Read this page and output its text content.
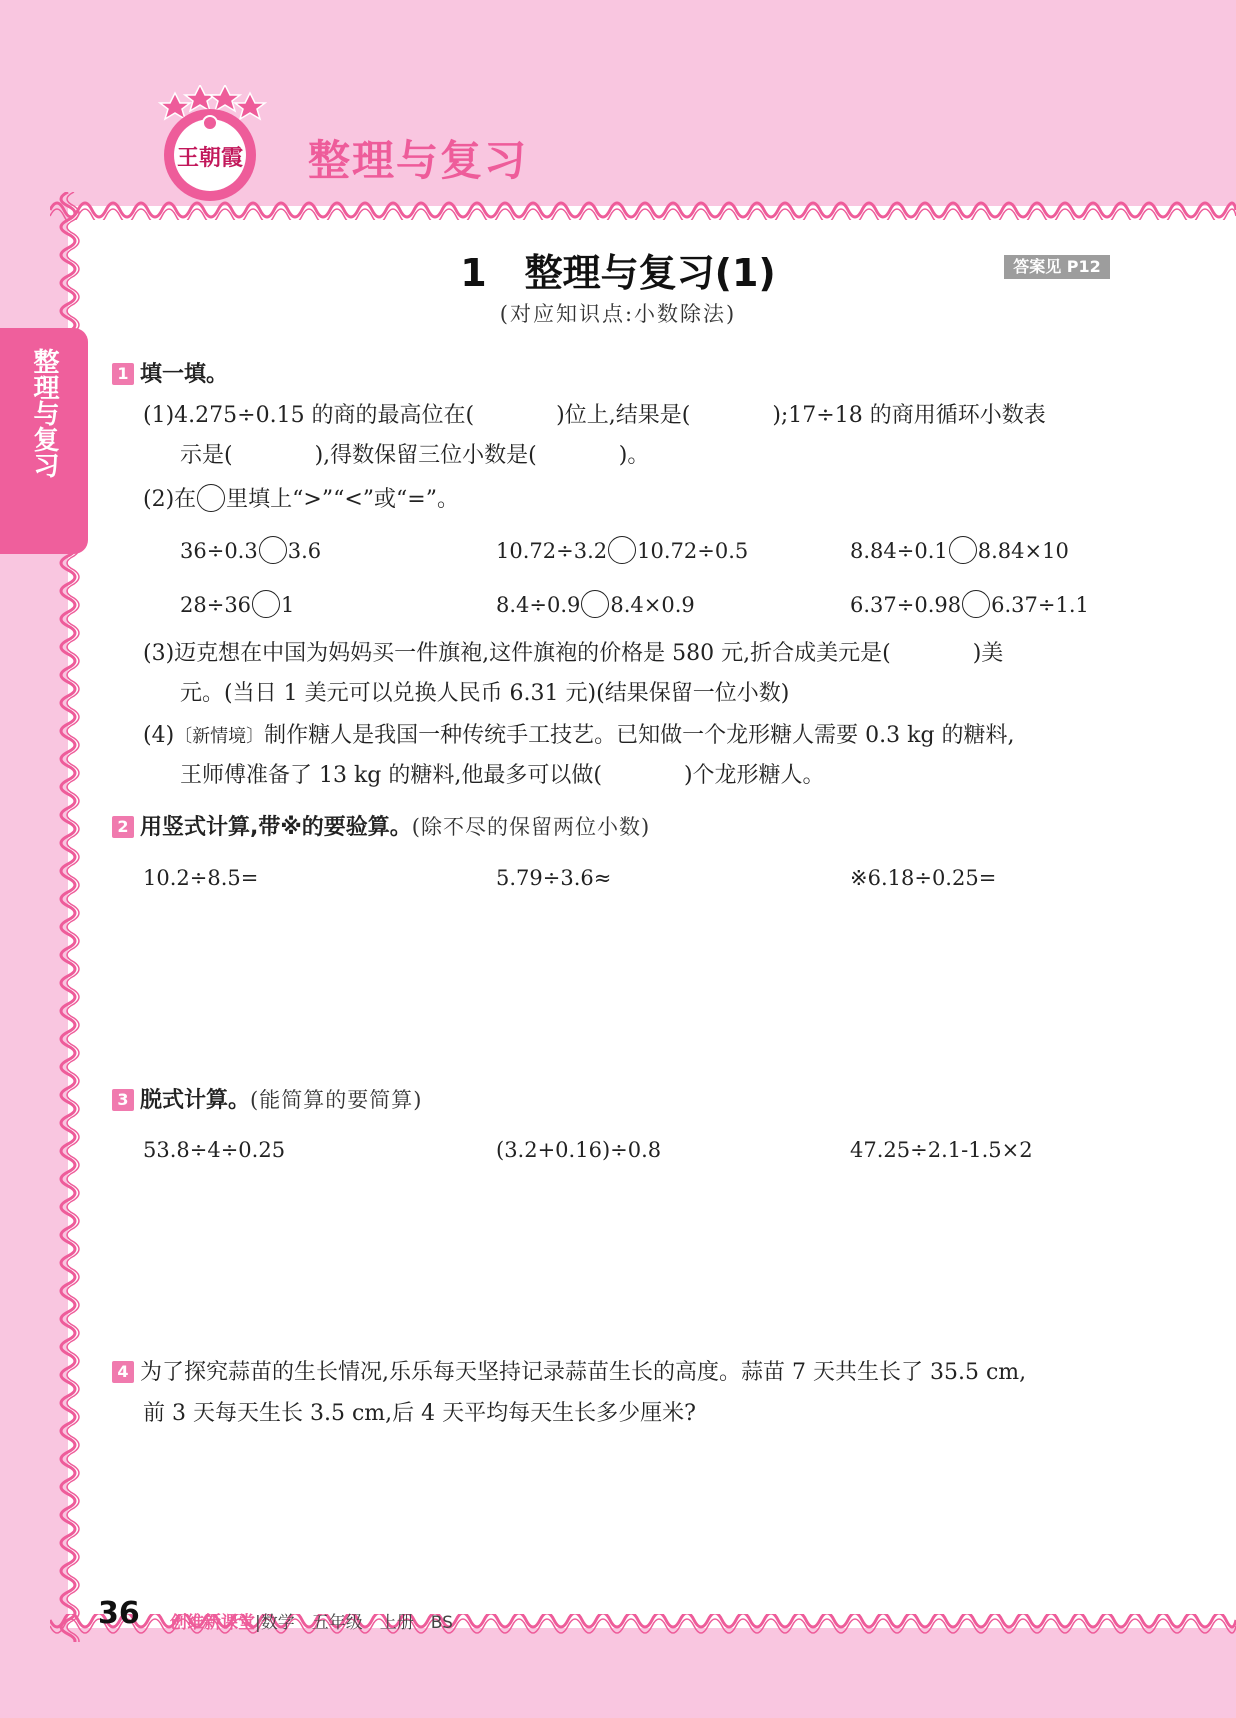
王朝霞 整理与复习
整理与复习
1　整理与复习(1)
(对应知识点:小数除法)
答案见 P12
1 填一填。
(1)4.275÷0.15 的商的最高位在(	)位上,结果是(	);17÷18 的商用循环小数表
示是(	),得数保留三位小数是(	)。
(2)在 里填上“>”“<”或“=”。
36÷0.3 3.6	10.72÷3.2 10.72÷0.5	8.84÷0.1 8.84×10
28÷36 1	8.4÷0.9 8.4×0.9	6.37÷0.98 6.37÷1.1
(3)迈克想在中国为妈妈买一件旗袍,这件旗袍的价格是 580 元,折合成美元是(	)美
元。(当日 1 美元可以兑换人民币 6.31 元)(结果保留一位小数)
(4)〔新情境〕制作糖人是我国一种传统手工技艺。已知做一个龙形糖人需要 0.3 kg 的糖料,
王师傅准备了 13 kg 的糖料,他最多可以做(	)个龙形糖人。
2 用竖式计算,带※的要验算。(除不尽的保留两位小数)
10.2÷8.5=	5.79÷3.6≈	※6.18÷0.25=
3 脱式计算。(能简算的要简算)
53.8÷4÷0.25	(3.2+0.16)÷0.8	47.25÷2.1-1.5×2
4 为了探究蒜苗的生长情况,乐乐每天坚持记录蒜苗生长的高度。蒜苗 7 天共生长了 35.5 cm,
前 3 天每天生长 3.5 cm,后 4 天平均每天生长多少厘米?
36 创维新课堂|数学　五年级　上册　BS
